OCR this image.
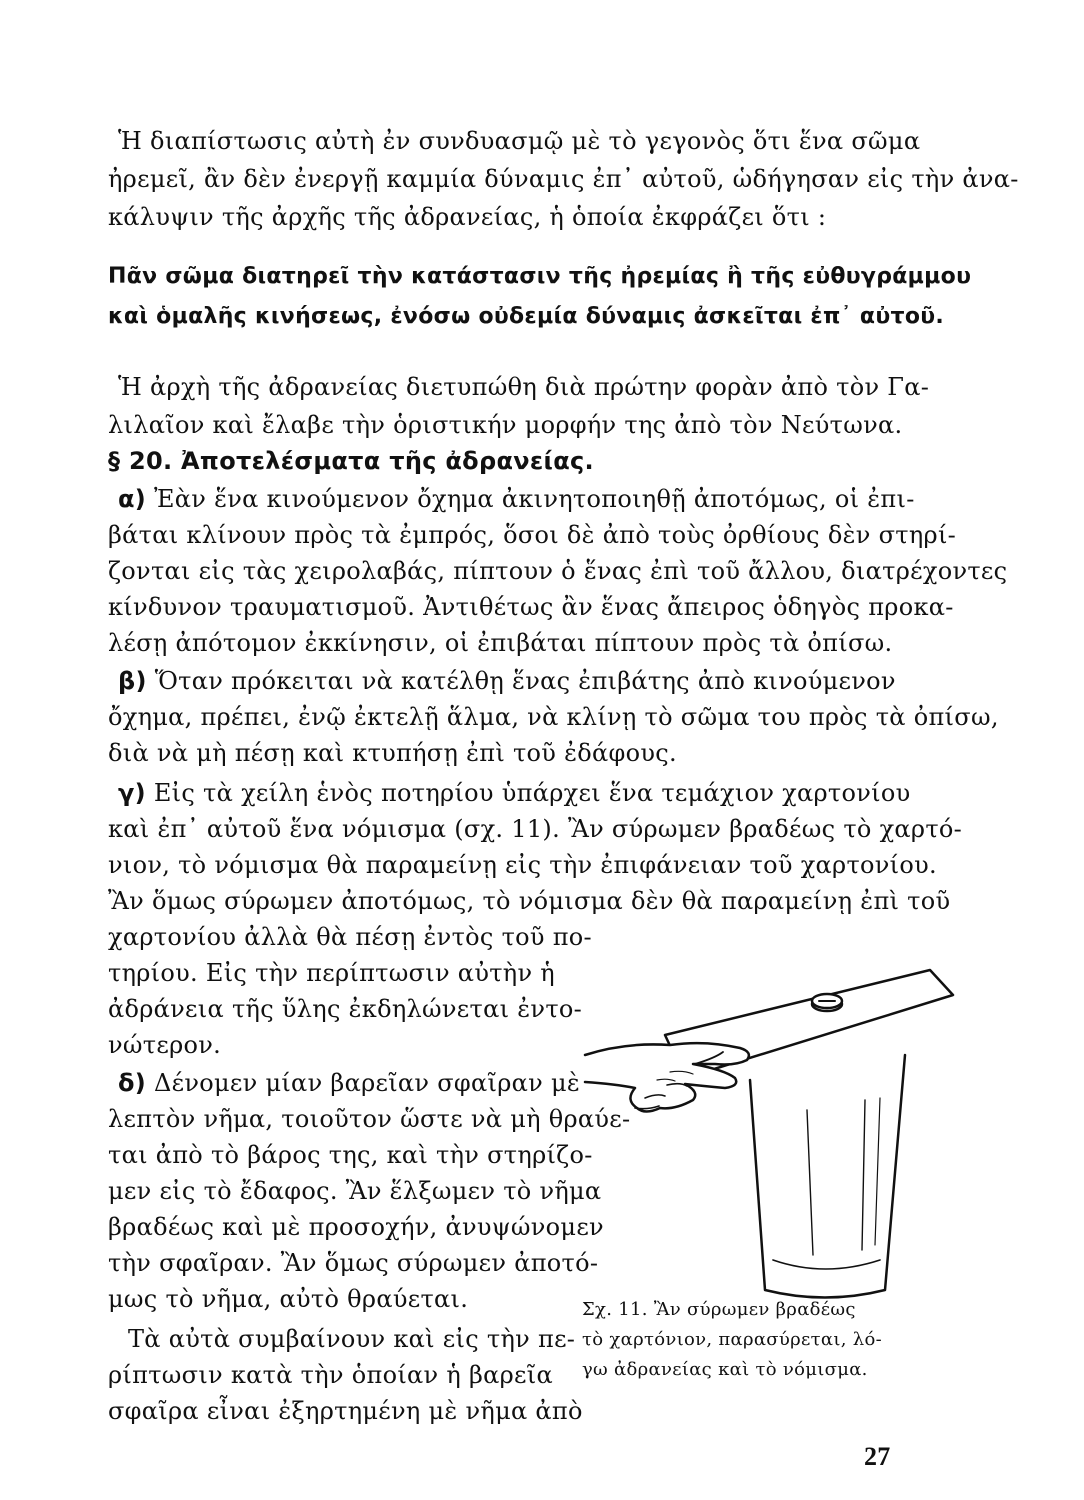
Ἡ διαπίστωσις αὐτὴ ἐν συνδυασμῷ μὲ τὸ γεγονὸς ὅτι ἕνα σῶμα
ἠρεμεῖ, ἂν δὲν ἐνεργῇ καμμία δύναμις ἐπ᾽ αὐτοῦ, ὡδήγησαν εἰς τὴν ἀνα-
κάλυψιν τῆς ἀρχῆς τῆς ἀδρανείας, ἡ ὁποία ἐκφράζει ὅτι :
Πᾶν σῶμα διατηρεῖ τὴν κατάστασιν τῆς ἠρεμίας ἢ τῆς εὐθυγράμμου
καὶ ὁμαλῆς κινήσεως, ἐνόσω οὐδεμία δύναμις ἀσκεῖται ἐπ᾽ αὐτοῦ.
Ἡ ἀρχὴ τῆς ἀδρανείας διετυπώθη διὰ πρώτην φορὰν ἀπὸ τὸν Γα-
λιλαῖον καὶ ἔλαβε τὴν ὁριστικήν μορφήν της ἀπὸ τὸν Νεύτωνα.
§ 20. Ἀποτελέσματα τῆς ἀδρανείας.
α) Ἐὰν ἕνα κινούμενον ὄχημα ἀκινητοποιηθῇ ἀποτόμως, οἱ ἐπι-
βάται κλίνουν πρὸς τὰ ἐμπρός, ὅσοι δὲ ἀπὸ τοὺς ὀρθίους δὲν στηρί-
ζονται εἰς τὰς χειρολαβάς, πίπτουν ὁ ἕνας ἐπὶ τοῦ ἄλλου, διατρέχοντες
κίνδυνον τραυματισμοῦ. Ἀντιθέτως ἂν ἕνας ἄπειρος ὁδηγὸς προκα-
λέσῃ ἀπότομον ἐκκίνησιν, οἱ ἐπιβάται πίπτουν πρὸς τὰ ὀπίσω.
β) Ὅταν πρόκειται νὰ κατέλθῃ ἕνας ἐπιβάτης ἀπὸ κινούμενον
ὄχημα, πρέπει, ἐνῷ ἐκτελῇ ἅλμα, νὰ κλίνῃ τὸ σῶμα του πρὸς τὰ ὀπίσω,
διὰ νὰ μὴ πέσῃ καὶ κτυπήσῃ ἐπὶ τοῦ ἐδάφους.
γ) Εἰς τὰ χείλη ἑνὸς ποτηρίου ὑπάρχει ἕνα τεμάχιον χαρτονίου
καὶ ἐπ᾽ αὐτοῦ ἕνα νόμισμα (σχ. 11). Ἂν σύρωμεν βραδέως τὸ χαρτό-
νιον, τὸ νόμισμα θὰ παραμείνῃ εἰς τὴν ἐπιφάνειαν τοῦ χαρτονίου.
Ἂν ὅμως σύρωμεν ἀποτόμως, τὸ νόμισμα δὲν θὰ παραμείνῃ ἐπὶ τοῦ
χαρτονίου ἀλλὰ θὰ πέσῃ ἐντὸς τοῦ πο-
τηρίου. Εἰς τὴν περίπτωσιν αὐτὴν ἡ
ἀδράνεια τῆς ὕλης ἐκδηλώνεται ἐντο-
νώτερον.
δ) Δένομεν μίαν βαρεῖαν σφαῖραν μὲ
λεπτὸν νῆμα, τοιοῦτον ὥστε νὰ μὴ θραύε-
ται ἀπὸ τὸ βάρος της, καὶ τὴν στηρίζο-
μεν εἰς τὸ ἔδαφος. Ἂν ἕλξωμεν τὸ νῆμα
βραδέως καὶ μὲ προσοχήν, ἀνυψώνομεν
τὴν σφαῖραν. Ἂν ὅμως σύρωμεν ἀποτό-
μως τὸ νῆμα, αὐτὸ θραύεται.
Τὰ αὐτὰ συμβαίνουν καὶ εἰς τὴν πε-
ρίπτωσιν κατὰ τὴν ὁποίαν ἡ βαρεῖα
σφαῖρα εἶναι ἐξηρτημένη μὲ νῆμα ἀπὸ
Σχ. 11. Ἂν σύρωμεν βραδέως
τὸ χαρτόνιον, παρασύρεται, λό-
γω ἀδρανείας καὶ τὸ νόμισμα.
27
